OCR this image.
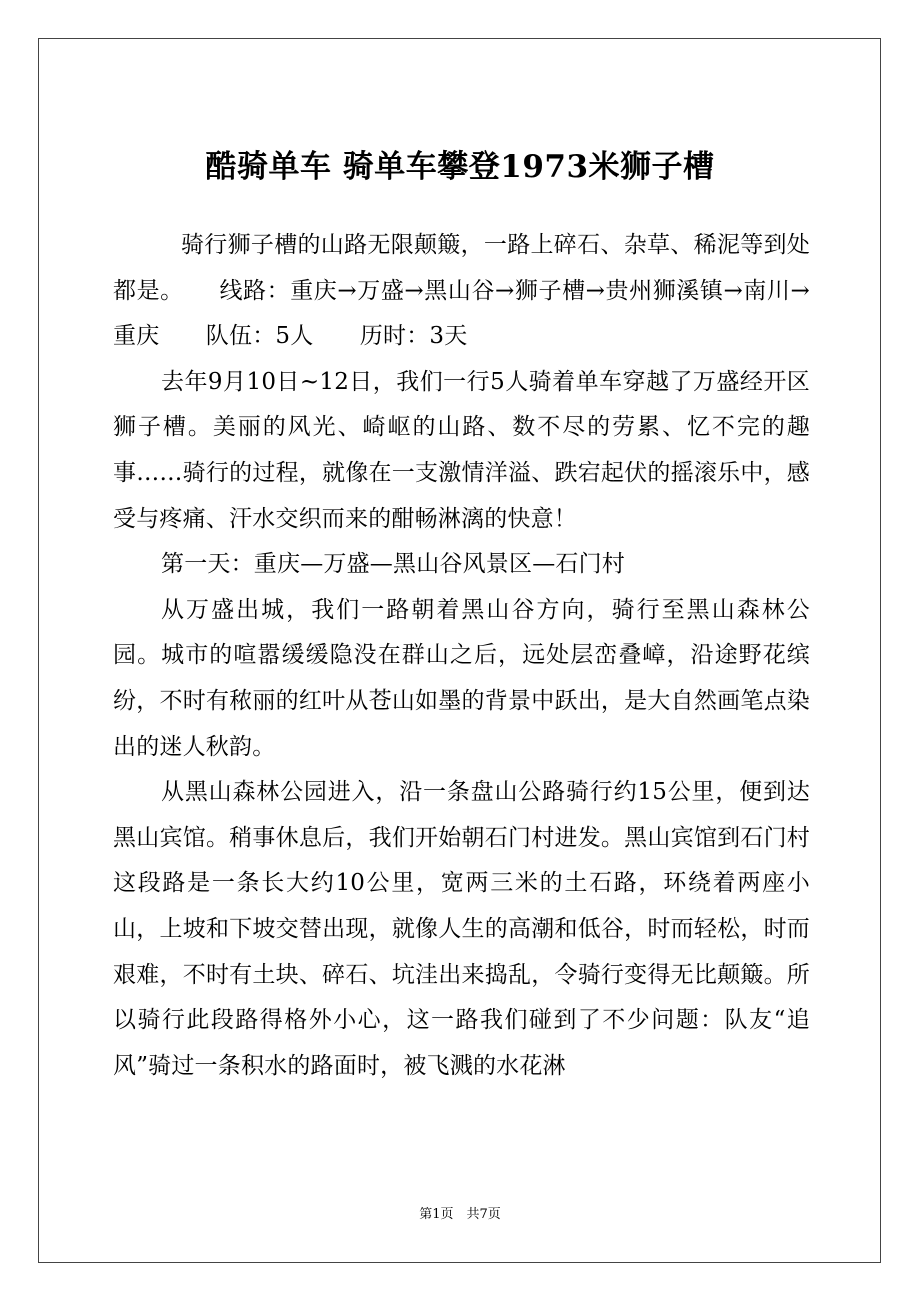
酷骑单车 骑单车攀登1973米狮子槽

骑行狮子槽的山路无限颠簸，一路上碎石、杂草、稀泥等到处都是。　　线路：重庆→万盛→黑山谷→狮子槽→贵州狮溪镇→南川→重庆　　队伍：5人　　历时：3天

去年9月10日~12日，我们一行5人骑着单车穿越了万盛经开区狮子槽。美丽的风光、崎岖的山路、数不尽的劳累、忆不完的趣事……骑行的过程，就像在一支激情洋溢、跌宕起伏的摇滚乐中，感受与疼痛、汗水交织而来的酣畅淋漓的快意！

第一天：重庆—万盛—黑山谷风景区—石门村

从万盛出城，我们一路朝着黑山谷方向，骑行至黑山森林公园。城市的喧嚣缓缓隐没在群山之后，远处层峦叠嶂，沿途野花缤纷，不时有秾丽的红叶从苍山如墨的背景中跃出，是大自然画笔点染出的迷人秋韵。

从黑山森林公园进入，沿一条盘山公路骑行约15公里，便到达黑山宾馆。稍事休息后，我们开始朝石门村进发。黑山宾馆到石门村这段路是一条长大约10公里，宽两三米的土石路，环绕着两座小山，上坡和下坡交替出现，就像人生的高潮和低谷，时而轻松，时而艰难，不时有土块、碎石、坑洼出来捣乱，令骑行变得无比颠簸。所以骑行此段路得格外小心，这一路我们碰到了不少问题：队友“追风”骑过一条积水的路面时，被飞溅的水花淋

第1页　共7页
